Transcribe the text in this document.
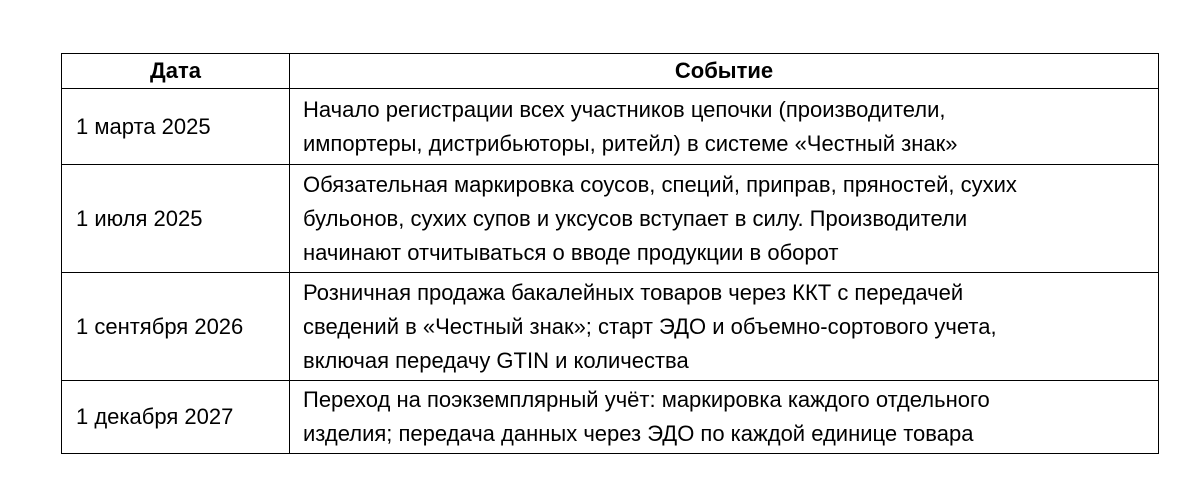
Дата	Событие
1 марта 2025	Начало регистрации всех участников цепочки (производители,
импортеры, дистрибьюторы, ритейл) в системе «Честный знак»
1 июля 2025	Обязательная маркировка соусов, специй, приправ, пряностей, сухих
бульонов, сухих супов и уксусов вступает в силу. Производители
начинают отчитываться о вводе продукции в оборот
1 сентября 2026	Розничная продажа бакалейных товаров через ККТ с передачей
сведений в «Честный знак»; старт ЭДО и объемно-сортового учета,
включая передачу GTIN и количества
1 декабря 2027	Переход на поэкземплярный учёт: маркировка каждого отдельного
изделия; передача данных через ЭДО по каждой единице товара
